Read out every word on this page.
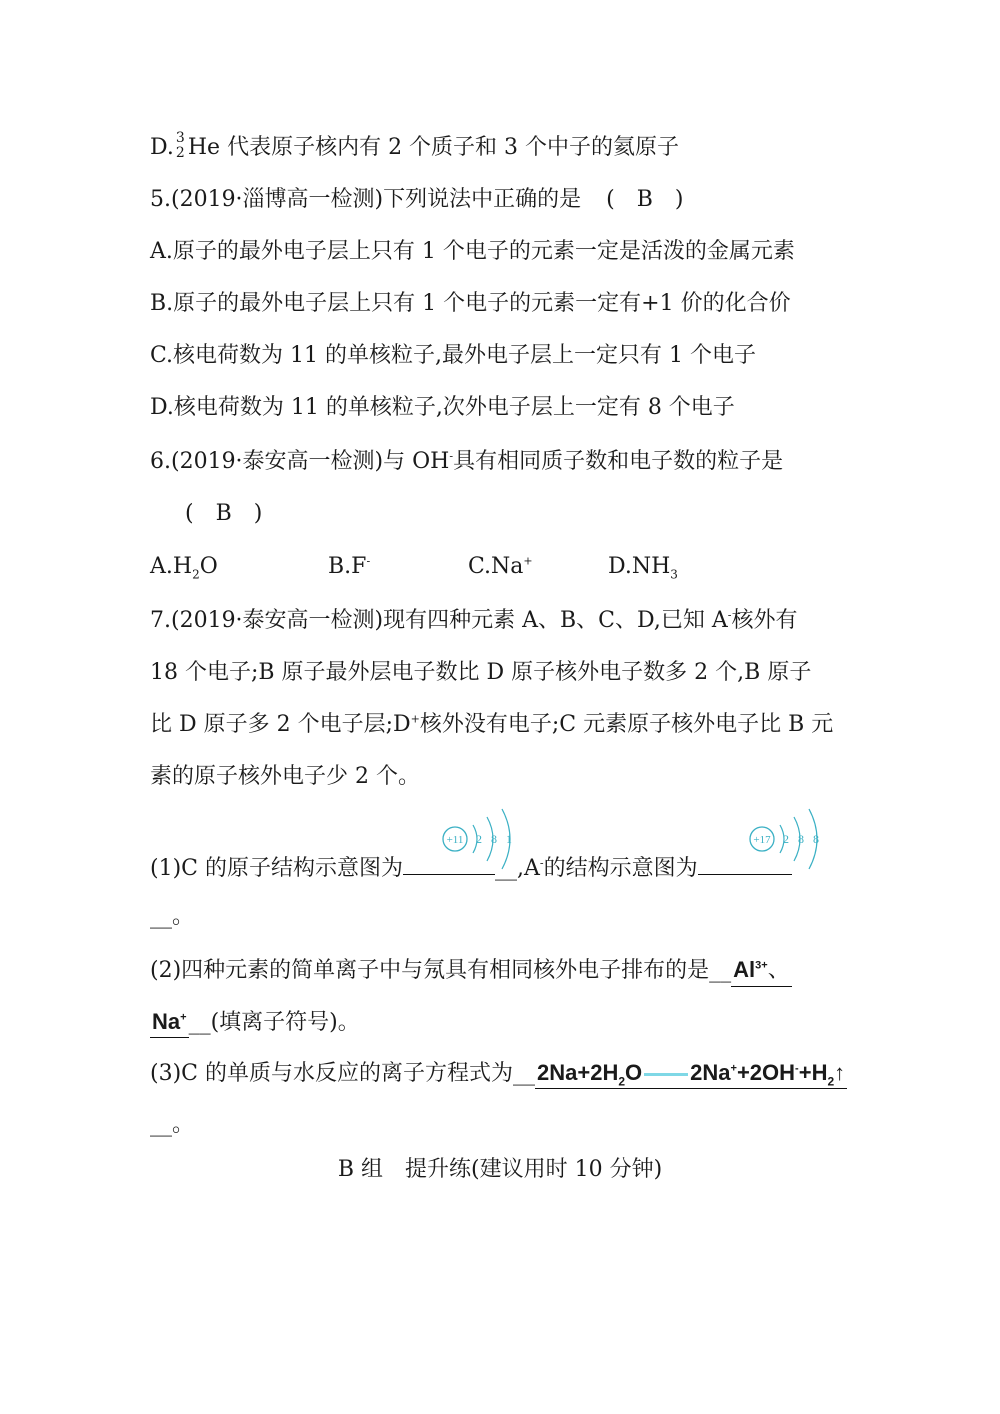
D. 3
2 He 代表原子核内有 2 个质子和 3 个中子的氦原子
5.(2019·淄博高一检测)下列说法中正确的是 (　B　)
A.原子的最外电子层上只有 1 个电子的元素一定是活泼的金属元素
B.原子的最外电子层上只有 1 个电子的元素一定有+1 价的化合价
C.核电荷数为 11 的单核粒子,最外电子层上一定只有 1 个电子
D.核电荷数为 11 的单核粒子,次外电子层上一定有 8 个电子
6.(2019·泰安高一检测)与 OH-具有相同质子数和电子数的粒子是
(　B　)
$A.H_2O$	B.F-	C.Na+	$D.NH_3$
7.(2019·泰安高一检测)现有四种元素 A、B、C、D,已知 A-核外有
18 个电子;B 原子最外层电子数比 D 原子核外电子数多 2 个,B 原子
比 D 原子多 2 个电子层;D+核外没有电子;C 元素原子核外电子比 B 元
素的原子核外电子少 2 个。
+11 2 8 1	+17 2 8 8
(1)C 的原子结构示意图为	__,A-的结构示意图为
__。
(2)四种元素的简单离子中与氖具有相同核外电子排布的是$\_\_Al^{3+}$、
Na+__(填离子符号)。
(3)C 的单质与水反应的离子方程式为$\_\_2Na+2H_2O$ $2Na^++2OH^-+H_2↑$
__。
B 组　提升练(建议用时 10 分钟)
